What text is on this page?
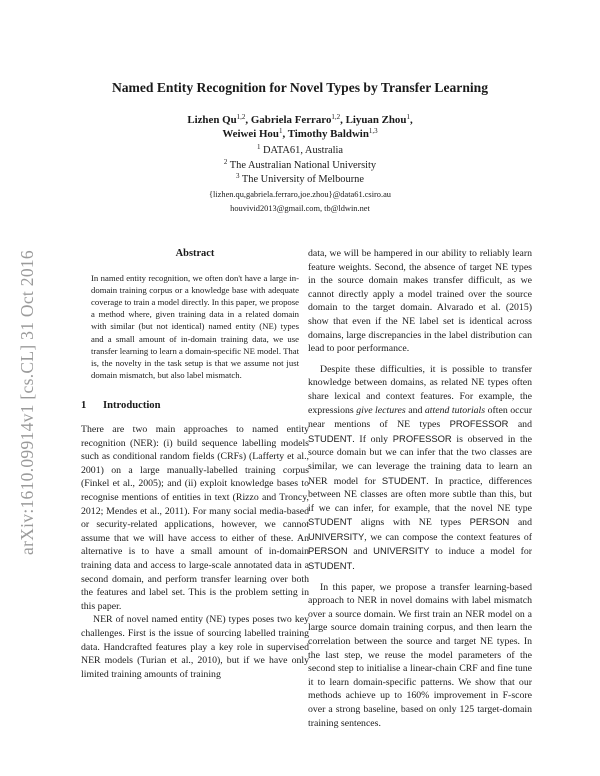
arXiv:1610.09914v1 [cs.CL] 31 Oct 2016
Named Entity Recognition for Novel Types by Transfer Learning
Lizhen Qu$^{1,2}$, Gabriela Ferraro$^{1,2}$, Liyuan Zhou$^1$,
Weiwei Hou$^1$, Timothy Baldwin$^{1,3}$
$^1$ DATA61, Australia
$^2$ The Australian National University
$^3$ The University of Melbourne
{lizhen.qu,gabriela.ferraro,joe.zhou}@data61.csiro.au
houvivid2013@gmail.com, tb@ldwin.net
Abstract
In named entity recognition, we often don't have a large in-domain training corpus or a knowledge base with adequate coverage to train a model directly. In this paper, we propose a method where, given training data in a related domain with similar (but not identical) named entity (NE) types and a small amount of in-domain training data, we use transfer learning to learn a domain-specific NE model. That is, the novelty in the task setup is that we assume not just domain mismatch, but also label mismatch.
1 Introduction

There are two main approaches to named entity recognition (NER): (i) build sequence labelling models such as conditional random fields (CRFs) (Lafferty et al., 2001) on a large manually-labelled training corpus (Finkel et al., 2005); and (ii) exploit knowledge bases to recognise mentions of entities in text (Rizzo and Troncy, 2012; Mendes et al., 2011). For many social media-based or security-related applications, however, we cannot assume that we will have access to either of these. An alternative is to have a small amount of in-domain training data and access to large-scale annotated data in a second domain, and perform transfer learning over both the features and label set. This is the problem setting in this paper.

NER of novel named entity (NE) types poses two key challenges. First is the issue of sourcing labelled training data. Handcrafted features play a key role in supervised NER models (Turian et al., 2010), but if we have only limited training amounts of training

data, we will be hampered in our ability to reliably learn feature weights. Second, the absence of target NE types in the source domain makes transfer difficult, as we cannot directly apply a model trained over the source domain to the target domain. Alvarado et al. (2015) show that even if the NE label set is identical across domains, large discrepancies in the label distribution can lead to poor performance.

Despite these difficulties, it is possible to transfer knowledge between domains, as related NE types often share lexical and context features. For example, the expressions give lectures and attend tutorials often occur near mentions of NE types PROFESSOR and STUDENT. If only PROFESSOR is observed in the source domain but we can infer that the two classes are similar, we can leverage the training data to learn an NER model for STUDENT. In practice, differences between NE classes are often more subtle than this, but if we can infer, for example, that the novel NE type STUDENT aligns with NE types PERSON and UNIVERSITY, we can compose the context features of PERSON and UNIVERSITY to induce a model for STUDENT.

In this paper, we propose a transfer learning-based approach to NER in novel domains with label mismatch over a source domain. We first train an NER model on a large source domain training corpus, and then learn the correlation between the source and target NE types. In the last step, we reuse the model parameters of the second step to initialise a linear-chain CRF and fine tune it to learn domain-specific patterns. We show that our methods achieve up to 160% improvement in F-score over a strong baseline, based on only 125 target-domain training sentences.
